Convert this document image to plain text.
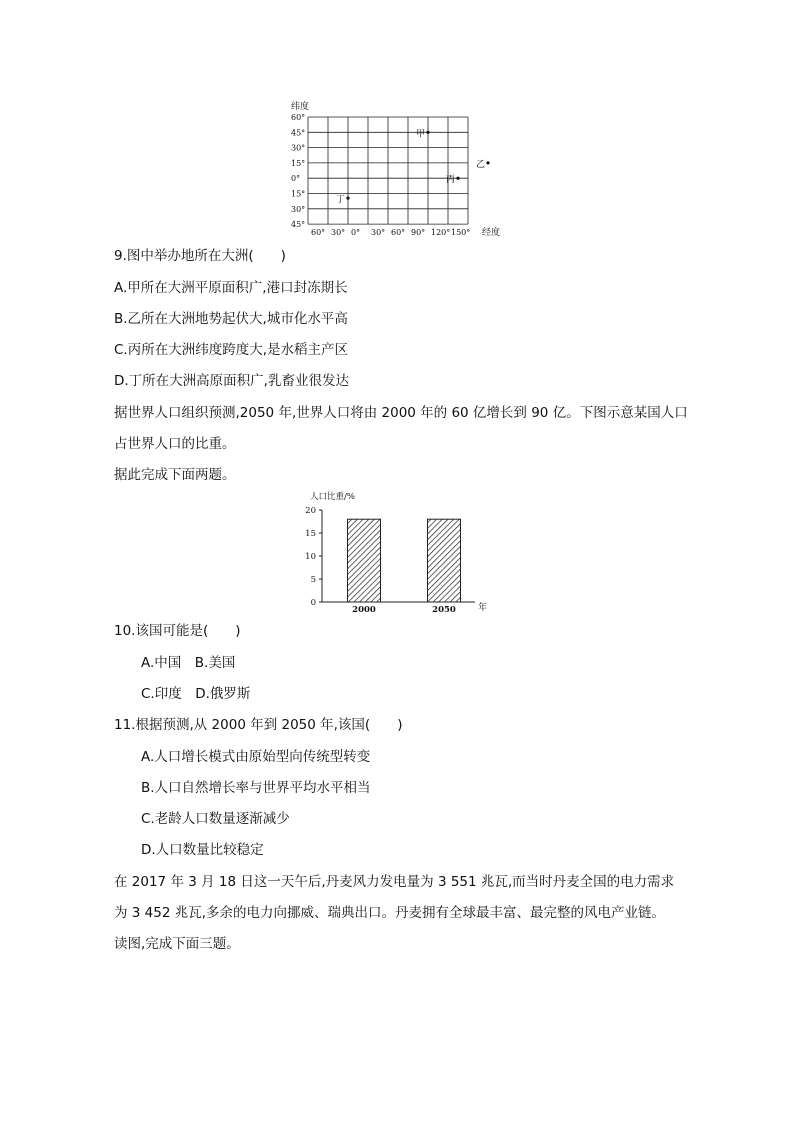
纬度
60°
45°
30°
15°
0°
15°
30°
45°
60° 30° 0° 30° 60° 90° 120° 150° 经度
甲
乙
丙
丁
9.图中举办地所在大洲(　　)
A.甲所在大洲平原面积广,港口封冻期长
B.乙所在大洲地势起伏大,城市化水平高
C.丙所在大洲纬度跨度大,是水稻主产区
D.丁所在大洲高原面积广,乳畜业很发达
据世界人口组织预测,2050 年,世界人口将由 2000 年的 60 亿增长到 90 亿。下图示意某国人口
占世界人口的比重。
据此完成下面两题。
人口比重/%
0
5
10
15
20
2000	2050 年
10.该国可能是(　　)
A.中国　B.美国
C.印度　D.俄罗斯
11.根据预测,从 2000 年到 2050 年,该国(　　)
A.人口增长模式由原始型向传统型转变
B.人口自然增长率与世界平均水平相当
C.老龄人口数量逐渐减少
D.人口数量比较稳定
在 2017 年 3 月 18 日这一天午后,丹麦风力发电量为 3 551 兆瓦,而当时丹麦全国的电力需求
为 3 452 兆瓦,多余的电力向挪威、瑞典出口。丹麦拥有全球最丰富、最完整的风电产业链。
读图,完成下面三题。
